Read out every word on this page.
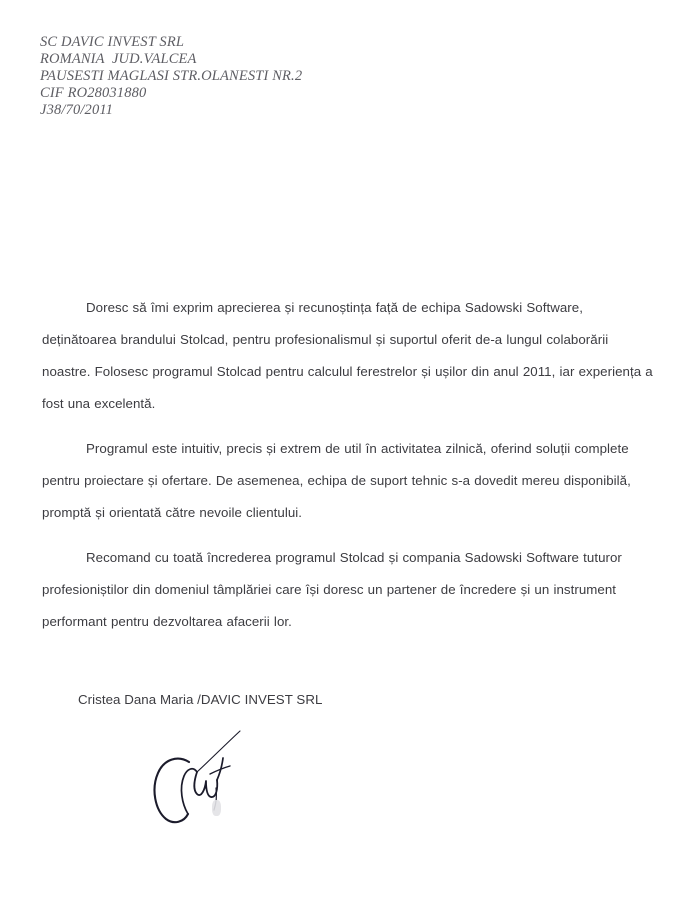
SC DAVIC INVEST SRL
ROMANIA  JUD.VALCEA
PAUSESTI MAGLASI STR.OLANESTI NR.2
CIF RO28031880
J38/70/2011

Doresc să îmi exprim aprecierea și recunoștința față de echipa Sadowski Software, deținătoarea brandului Stolcad, pentru profesionalismul și suportul oferit de-a lungul colaborării noastre. Folosesc programul Stolcad pentru calculul ferestrelor și ușilor din anul 2011, iar experiența a fost una excelentă.

Programul este intuitiv, precis și extrem de util în activitatea zilnică, oferind soluții complete pentru proiectare și ofertare. De asemenea, echipa de suport tehnic s-a dovedit mereu disponibilă, promptă și orientată către nevoile clientului.

Recomand cu toată încrederea programul Stolcad și compania Sadowski Software tuturor profesioniștilor din domeniul tâmplăriei care își doresc un partener de încredere și un instrument performant pentru dezvoltarea afacerii lor.

Cristea Dana Maria /DAVIC INVEST SRL
